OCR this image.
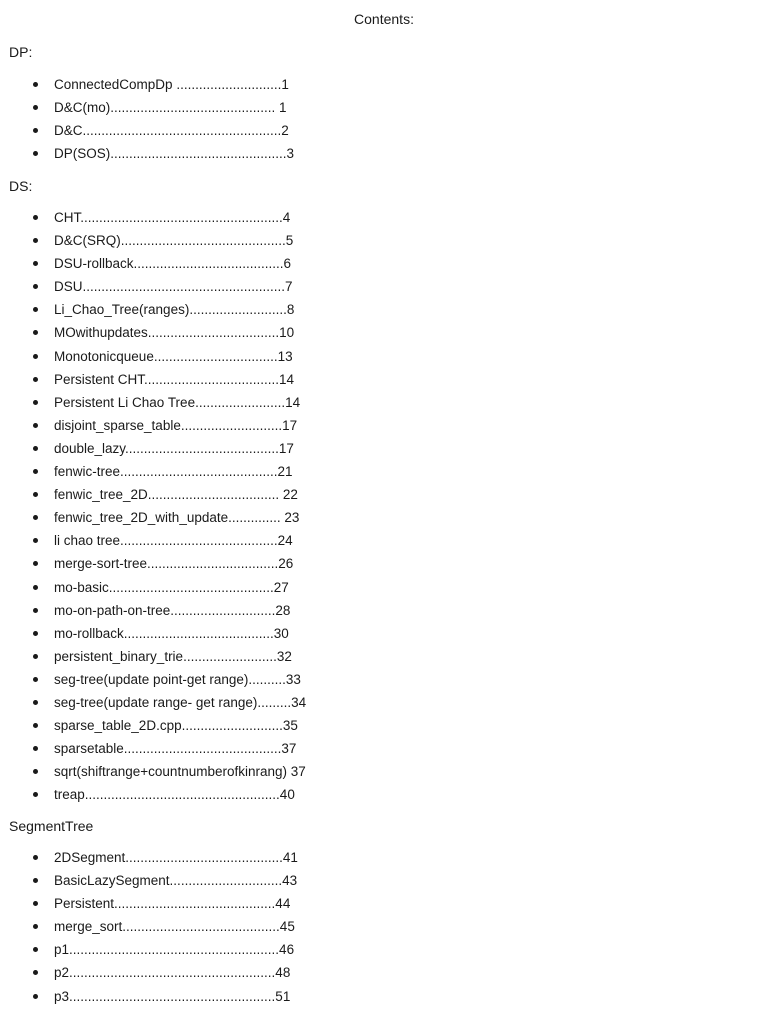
Contents:
DP:
ConnectedCompDp ............................1
D&C(mo)............................................ 1
D&C.....................................................2
DP(SOS)...............................................3
DS:
CHT......................................................4
D&C(SRQ)............................................5
DSU-rollback........................................6
DSU......................................................7
Li_Chao_Tree(ranges)..........................8
MOwithupdates...................................10
Monotonicqueue.................................13
Persistent CHT....................................14
Persistent Li Chao Tree........................14
disjoint_sparse_table...........................17
double_lazy.........................................17
fenwic-tree..........................................21
fenwic_tree_2D................................... 22
fenwic_tree_2D_with_update.............. 23
li chao tree..........................................24
merge-sort-tree...................................26
mo-basic............................................27
mo-on-path-on-tree............................28
mo-rollback........................................30
persistent_binary_trie.........................32
seg-tree(update point-get range)..........33
seg-tree(update range- get range).........34
sparse_table_2D.cpp...........................35
sparsetable..........................................37
sqrt(shiftrange+countnumberofkinrang) 37
treap....................................................40
SegmentTree
2DSegment..........................................41
BasicLazySegment..............................43
Persistent...........................................44
merge_sort..........................................45
p1........................................................46
p2.......................................................48
p3.......................................................51
